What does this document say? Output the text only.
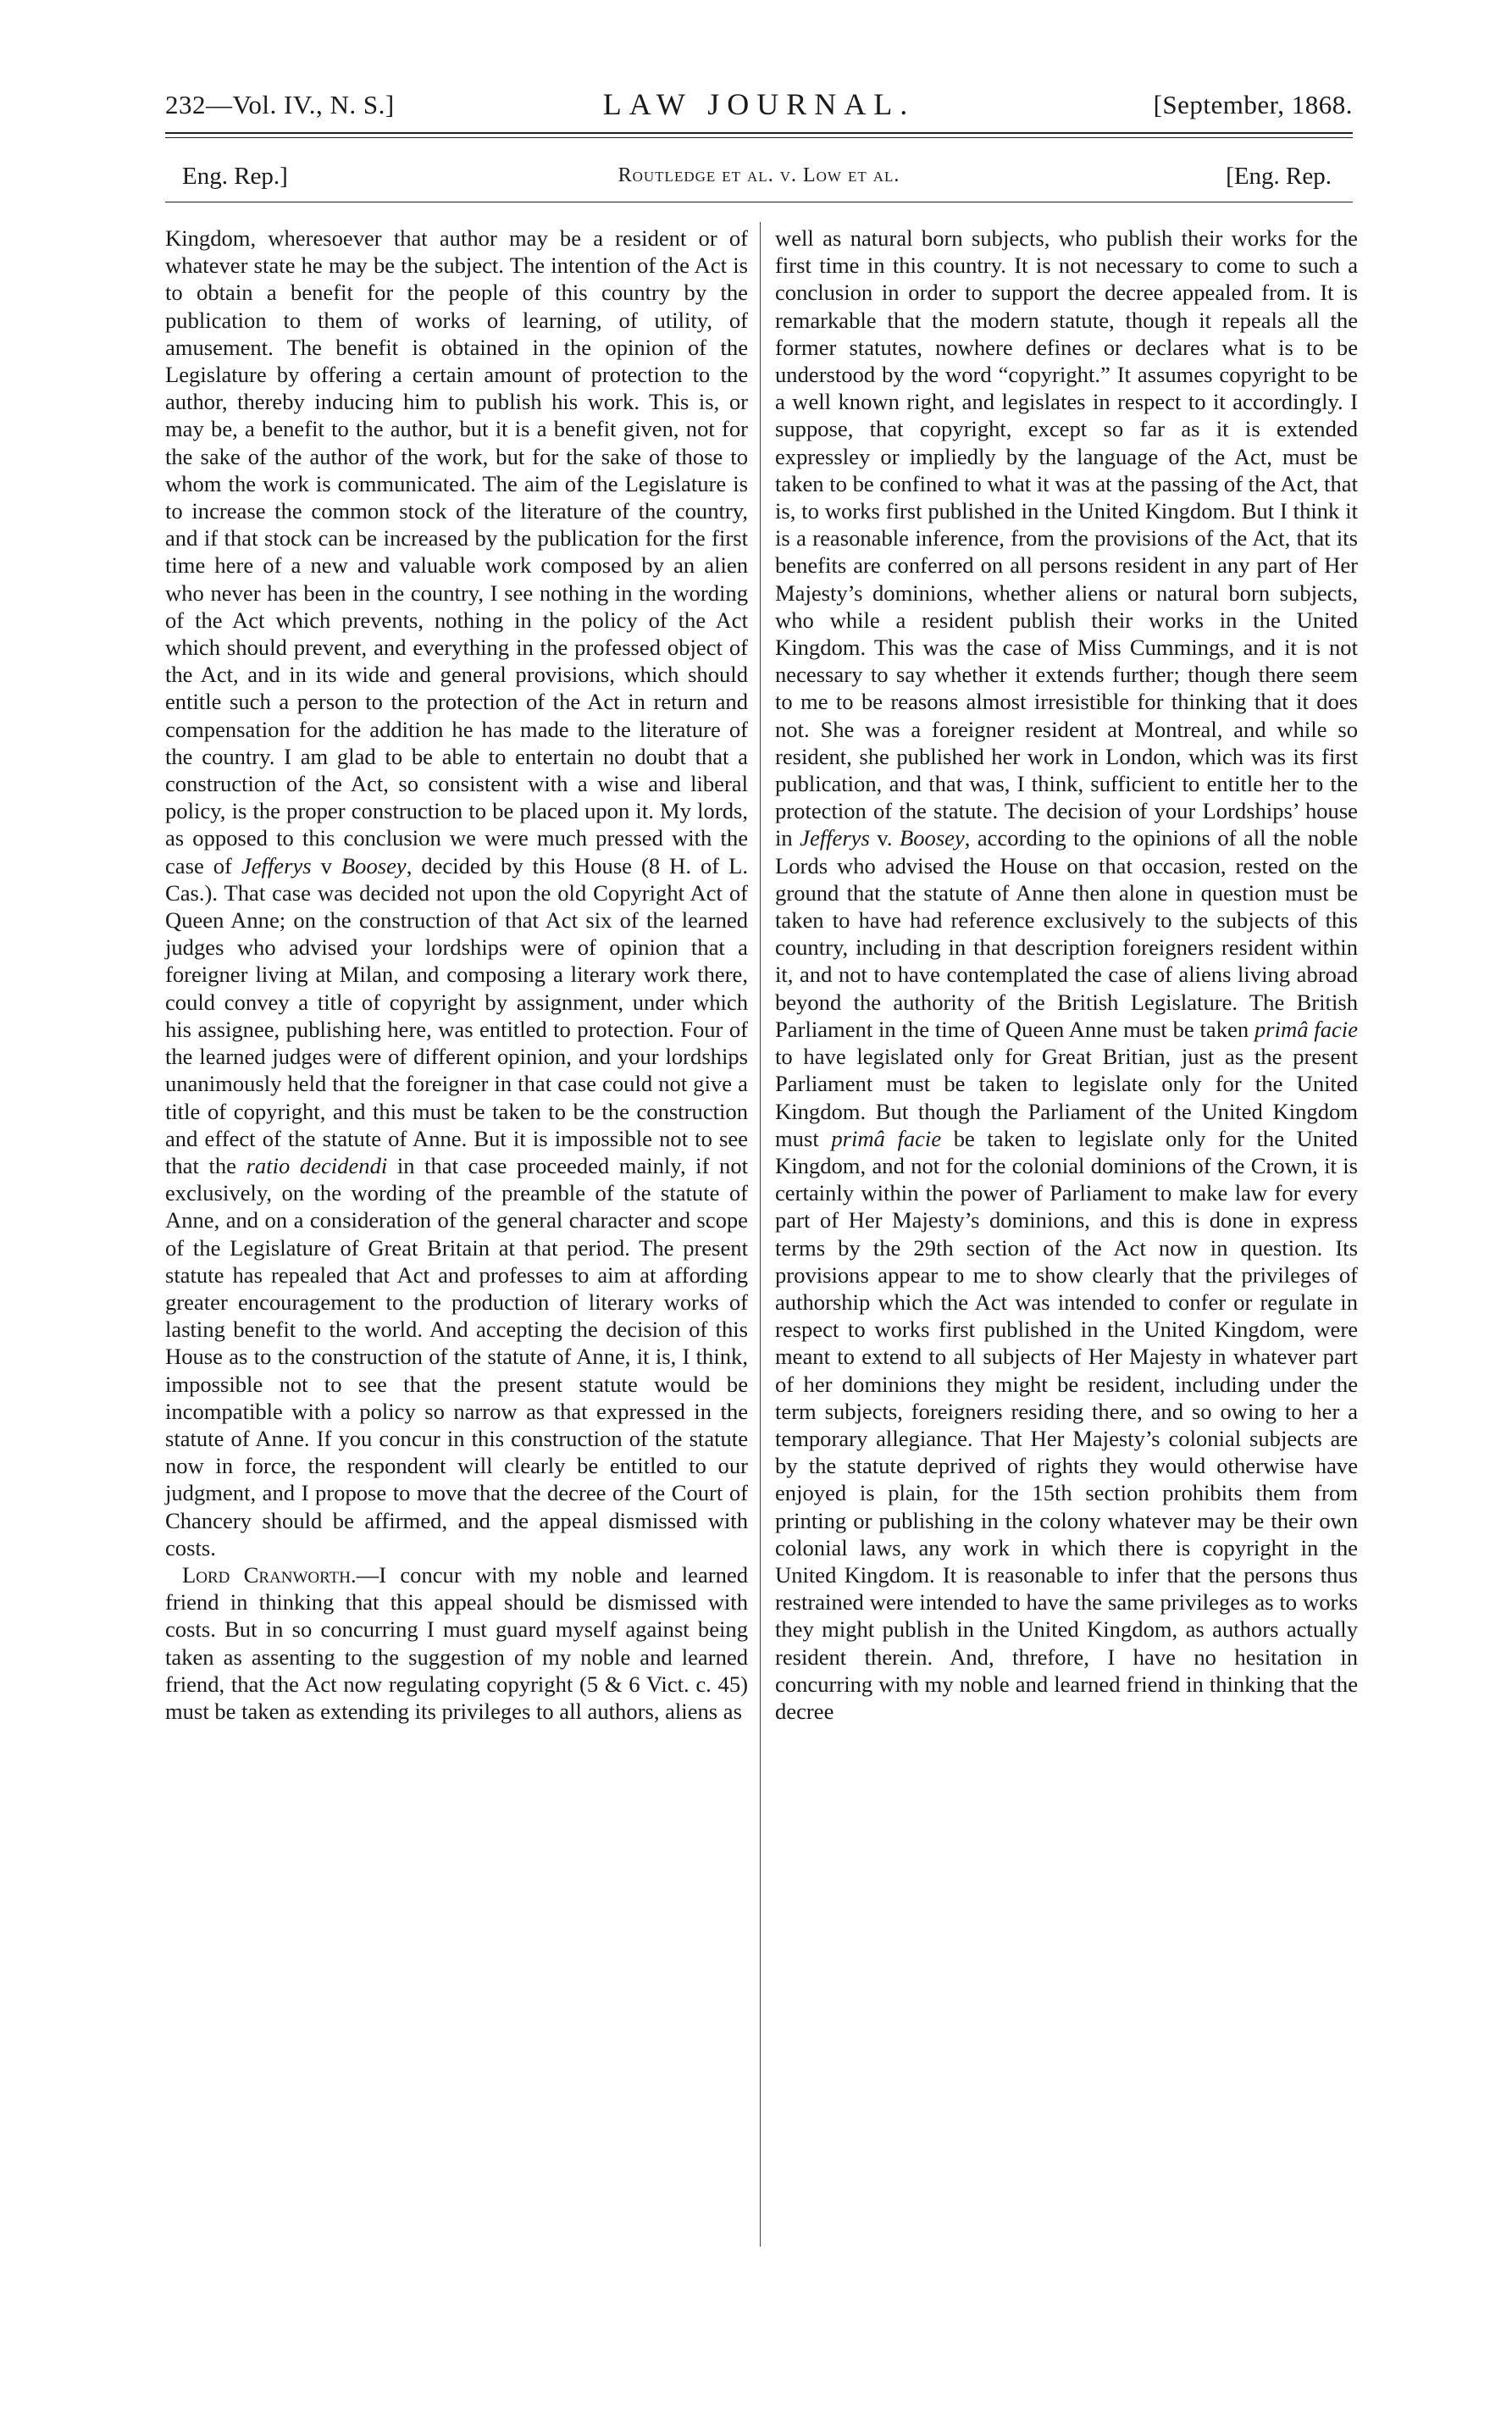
232—Vol. IV., N. S.]	LAW JOURNAL.	[September, 1868.
Eng. Rep.]	Routledge et al. v. Low et al.	[Eng. Rep.

Kingdom, wheresoever that author may be a resident or of whatever state he may be the subject. The intention of the Act is to obtain a benefit for the people of this country by the publication to them of works of learning, of utility, of amusement. The benefit is obtained in the opinion of the Legislature by offering a certain amount of protection to the author, thereby inducing him to publish his work. This is, or may be, a benefit to the author, but it is a benefit given, not for the sake of the author of the work, but for the sake of those to whom the work is communicated. The aim of the Legislature is to increase the common stock of the literature of the country, and if that stock can be increased by the publication for the first time here of a new and valuable work composed by an alien who never has been in the country, I see nothing in the wording of the Act which prevents, nothing in the policy of the Act which should prevent, and everything in the professed object of the Act, and in its wide and general provisions, which should entitle such a person to the protection of the Act in return and compensation for the addition he has made to the literature of the country. I am glad to be able to entertain no doubt that a construction of the Act, so consistent with a wise and liberal policy, is the proper construction to be placed upon it. My lords, as opposed to this conclusion we were much pressed with the case of Jefferys v Boosey, decided by this House (8 H. of L. Cas.). That case was decided not upon the old Copyright Act of Queen Anne; on the construction of that Act six of the learned judges who advised your lordships were of opinion that a foreigner living at Milan, and composing a literary work there, could convey a title of copyright by assignment, under which his assignee, publishing here, was entitled to protection. Four of the learned judges were of different opinion, and your lordships unanimously held that the foreigner in that case could not give a title of copyright, and this must be taken to be the construction and effect of the statute of Anne. But it is impossible not to see that the ratio decidendi in that case proceeded mainly, if not exclusively, on the wording of the preamble of the statute of Anne, and on a consideration of the general character and scope of the Legislature of Great Britain at that period. The present statute has repealed that Act and professes to aim at affording greater encouragement to the production of literary works of lasting benefit to the world. And accepting the decision of this House as to the construction of the statute of Anne, it is, I think, impossible not to see that the present statute would be incompatible with a policy so narrow as that expressed in the statute of Anne. If you concur in this construction of the statute now in force, the respondent will clearly be entitled to our judgment, and I propose to move that the decree of the Court of Chancery should be affirmed, and the appeal dismissed with costs.

Lord Cranworth.—I concur with my noble and learned friend in thinking that this appeal should be dismissed with costs. But in so concurring I must guard myself against being taken as assenting to the suggestion of my noble and learned friend, that the Act now regulating copyright (5 & 6 Vict. c. 45) must be taken as extending its privileges to all authors, aliens as

well as natural born subjects, who publish their works for the first time in this country. It is not necessary to come to such a conclusion in order to support the decree appealed from. It is remarkable that the modern statute, though it repeals all the former statutes, nowhere defines or declares what is to be understood by the word “copyright.” It assumes copyright to be a well known right, and legislates in respect to it accordingly. I suppose, that copyright, except so far as it is extended expressley or impliedly by the language of the Act, must be taken to be confined to what it was at the passing of the Act, that is, to works first published in the United Kingdom. But I think it is a reasonable inference, from the provisions of the Act, that its benefits are conferred on all persons resident in any part of Her Majesty’s dominions, whether aliens or natural born subjects, who while a resident publish their works in the United Kingdom. This was the case of Miss Cummings, and it is not necessary to say whether it extends further; though there seem to me to be reasons almost irresistible for thinking that it does not. She was a foreigner resident at Montreal, and while so resident, she published her work in London, which was its first publication, and that was, I think, sufficient to entitle her to the protection of the statute. The decision of your Lordships’ house in Jefferys v. Boosey, according to the opinions of all the noble Lords who advised the House on that occasion, rested on the ground that the statute of Anne then alone in question must be taken to have had reference exclusively to the subjects of this country, including in that description foreigners resident within it, and not to have contemplated the case of aliens living abroad beyond the authority of the British Legislature. The British Parliament in the time of Queen Anne must be taken primâ facie to have legislated only for Great Britian, just as the present Parliament must be taken to legislate only for the United Kingdom. But though the Parliament of the United Kingdom must primâ facie be taken to legislate only for the United Kingdom, and not for the colonial dominions of the Crown, it is certainly within the power of Parliament to make law for every part of Her Majesty’s dominions, and this is done in express terms by the 29th section of the Act now in question. Its provisions appear to me to show clearly that the privileges of authorship which the Act was intended to confer or regulate in respect to works first published in the United Kingdom, were meant to extend to all subjects of Her Majesty in whatever part of her dominions they might be resident, including under the term subjects, foreigners residing there, and so owing to her a temporary allegiance. That Her Majesty’s colonial subjects are by the statute deprived of rights they would otherwise have enjoyed is plain, for the 15th section prohibits them from printing or publishing in the colony whatever may be their own colonial laws, any work in which there is copyright in the United Kingdom. It is reasonable to infer that the persons thus restrained were intended to have the same privileges as to works they might publish in the United Kingdom, as authors actually resident therein. And, threfore, I have no hesitation in concurring with my noble and learned friend in thinking that the decree
